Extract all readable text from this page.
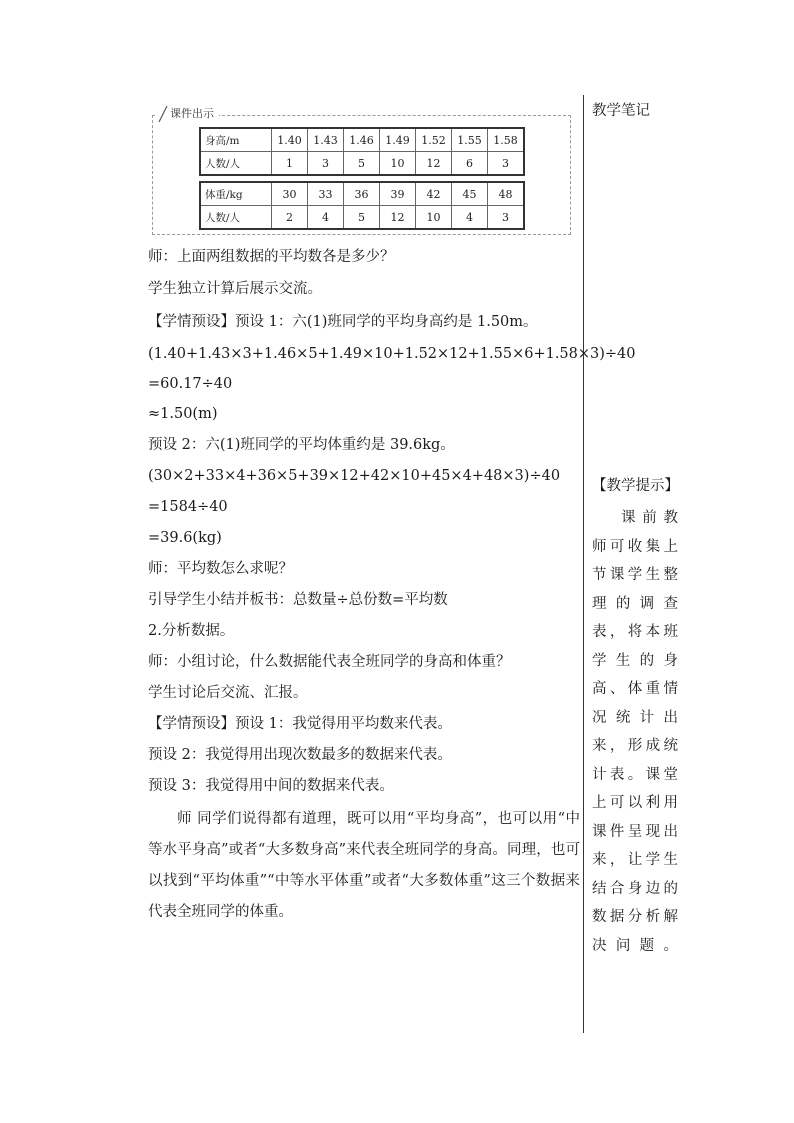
课件出示
身高/m	1.40	1.43	1.46	1.49	1.52	1.55	1.58
人数/人	1	3	5	10	12	6	3
体重/kg	30	33	36	39	42	45	48
人数/人	2	4	5	12	10	4	3
师：上面两组数据的平均数各是多少？
学生独立计算后展示交流。
【学情预设】预设 1：六(1)班同学的平均身高约是 1.50m。
(1.40+1.43×3+1.46×5+1.49×10+1.52×12+1.55×6+1.58×3)÷40
=60.17÷40
≈1.50(m)
预设 2：六(1)班同学的平均体重约是 39.6kg。
(30×2+33×4+36×5+39×12+42×10+45×4+48×3)÷40
=1584÷40
=39.6(kg)
师：平均数怎么求呢？
引导学生小结并板书：总数量÷总份数=平均数
2.分析数据。
师：小组讨论，什么数据能代表全班同学的身高和体重？
学生讨论后交流、汇报。
【学情预设】预设 1：我觉得用平均数来代表。
预设 2：我觉得用出现次数最多的数据来代表。
预设 3：我觉得用中间的数据来代表。
师 同学们说得都有道理，既可以用“平均身高”，也可以用“中等水平身高”或者“大多数身高”来代表全班同学的身高。同理，也可以找到“平均体重”“中等水平体重”或者“大多数体重”这三个数据来代表全班同学的体重。
教学笔记
【教学提示】
课前教师可收集上节课学生整理的调查表，将本班学生的身高、体重情况统计出来，形成统计表。课堂上可以利用课件呈现出来，让学生结合身边的数据分析解决问题。
